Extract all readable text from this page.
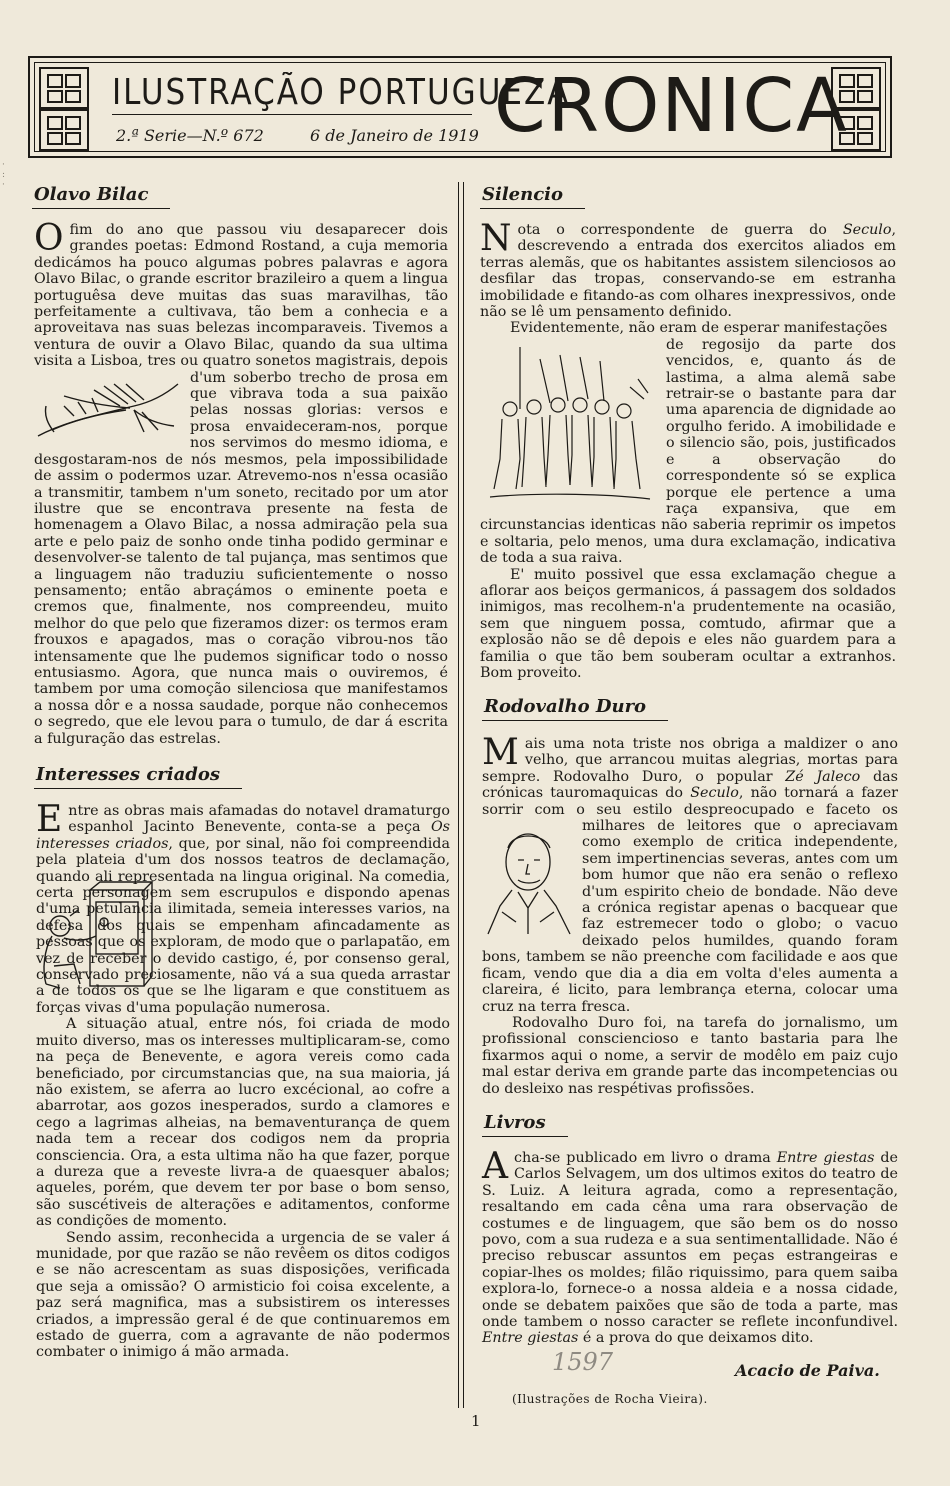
ILUSTRAÇÃO PORTUGUEZA
2.ª Serie—N.º 672	6 de Janeiro de 1919 CRONICA
·
:
· Olavo Bilac

O fim do ano que passou viu desaparecer dois grandes poetas: Edmond Rostand, a cuja memoria dedicámos ha pouco algumas pobres palavras e agora Olavo Bilac, o grande escritor brazileiro a quem a lingua portuguêsa deve muitas das suas maravilhas, tão perfeitamente a cultivava, tão bem a conhecia e a aproveitava nas suas belezas incomparaveis. Tivemos a ventura de ouvir a Olavo Bilac, quando da sua ultima visita a Lisboa, tres ou quatro sonetos magistrais, depois
d'um soberbo trecho de prosa em que vibrava toda a sua paixão pelas nossas glorias: versos e prosa envaideceram-nos, porque nos servimos do mesmo idioma, e desgostaram-nos de nós mesmos, pela impossibilidade de assim o podermos uzar. Atrevemo-nos n'essa ocasião a transmitir, tambem n'um soneto, recitado por um ator ilustre que se encontrava presente na festa de homenagem a Olavo Bilac, a nossa admiração pela sua arte e pelo paiz de sonho onde tinha podido germinar e desenvolver-se talento de tal pujança, mas sentimos que a linguagem não traduziu suficientemente o nosso pensamento; então abraçámos o eminente poeta e cremos que, finalmente, nos compreendeu, muito melhor do que pelo que fizeramos dizer: os termos eram frouxos e apagados, mas o coração vibrou-nos tão intensamente que lhe pudemos significar todo o nosso entusiasmo. Agora, que nunca mais o ouviremos, é tambem por uma comoção silenciosa que manifestamos a nossa dôr e a nossa saudade, porque não conhecemos o segredo, que ele levou para o tumulo, de dar á escrita a fulguração das estrelas.

Interesses criados

E ntre as obras mais afamadas do notavel dramaturgo espanhol Jacinto Benevente, conta-se a peça Os interesses criados, que, por sinal, não foi compreendida pela plateia d'um dos nossos teatros de declamação, quando ali representada na lingua original. Na comedia, certa personagem sem escrupulos e dispondo apenas d'uma petulancia ilimitada, semeia interesses varios, na defesa dos quais se empenham afincadamente as pessoas que os exploram, de modo que o parlapatão, em vez de receber o devido castigo, é, por consenso geral, conservado preciosamente, não vá a sua queda arrastar a de todos os que se lhe ligaram e que constituem as forças vivas d'uma população numerosa.

A situação atual, entre nós, foi criada de modo muito diverso, mas os interesses multiplicaram-se, como na peça de Benevente, e agora vereis como cada beneficiado, por circumstancias que, na sua maioria, já não existem, se aferra ao lucro excécional, ao cofre a abarrotar, aos gozos inesperados, surdo a clamores e cego a lagrimas alheias, na bemaventurança de quem nada tem a recear dos codigos nem da propria consciencia. Ora, a esta ultima não ha que fazer, porque a dureza que a reveste livra-a de quaesquer abalos; aqueles, porém, que devem ter por base o bom senso, são suscétiveis de alterações e aditamentos, conforme as condições de momento.

Sendo assim, reconhecida a urgencia de se valer á munidade, por que razão se não revêem os ditos codigos e se não acrescentam as suas disposições, verificada que seja a omissão? O armisticio foi coisa excelente, a paz será magnifica, mas a subsistirem os interesses criados, a impressão geral é de que continuaremos em estado de guerra, com a agravante de não podermos combater o inimigo á mão armada.

Silencio

N ota o correspondente de guerra do Seculo, descrevendo a entrada dos exercitos aliados em terras alemãs, que os habitantes assistem silenciosos ao desfilar das tropas, conservando-se em estranha imobilidade e fitando-as com olhares inexpressivos, onde não se lê um pensamento definido.

Evidentemente, não eram de esperar manifestações

de regosijo da parte dos vencidos, e, quanto ás de lastima, a alma alemã sabe retrair-se o bastante para dar uma aparencia de dignidade ao orgulho ferido. A imobilidade e o silencio são, pois, justificados e a observação do correspondente só se explica porque ele pertence a uma raça expansiva, que em circunstancias identicas não saberia reprimir os impetos e soltaria, pelo menos, uma dura exclamação, indicativa de toda a sua raiva.

E' muito possivel que essa exclamação chegue a aflorar aos beiços germanicos, á passagem dos soldados inimigos, mas recolhem-n'a prudentemente na ocasião, sem que ninguem possa, comtudo, afirmar que a explosão não se dê depois e eles não guardem para a familia o que tão bem souberam ocultar a extranhos. Bom proveito.

Rodovalho Duro

M ais uma nota triste nos obriga a maldizer o ano velho, que arrancou muitas alegrias, mortas para sempre. Rodovalho Duro, o popular Zé Jaleco das crónicas tauromaquicas do Seculo, não tornará a fazer sorrir com o seu estilo despreocupado e faceto os milhares de leitores que o apreciavam como exemplo de critica independente, sem impertinencias severas, antes com um bom humor que não era senão o reflexo d'um espirito cheio de bondade. Não deve a crónica registar apenas o bacquear que faz estremecer todo o globo; o vacuo deixado pelos humildes, quando foram bons, tambem se não preenche com facilidade e aos que ficam, vendo que dia a dia em volta d'eles aumenta a clareira, é licito, para lembrança eterna, colocar uma cruz na terra fresca.

Rodovalho Duro foi, na tarefa do jornalismo, um profissional consciencioso e tanto bastaria para lhe fixarmos aqui o nome, a servir de modêlo em paiz cujo mal estar deriva em grande parte das incompetencias ou do desleixo nas respétivas profissões.

Livros

A cha-se publicado em livro o drama Entre giestas de Carlos Selvagem, um dos ultimos exitos do teatro de S. Luiz. A leitura agrada, como a representação, resaltando em cada cêna uma rara observação de costumes e de linguagem, que são bem os do nosso povo, com a sua rudeza e a sua sentimentallidade. Não é preciso rebuscar assuntos em peças estrangeiras e copiar-lhes os moldes; filão riquissimo, para quem saiba explora-lo, fornece-o a nossa aldeia e a nossa cidade, onde se debatem paixões que são de toda a parte, mas onde tambem o nosso caracter se reflete inconfundivel. Entre giestas é a prova do que deixamos dito.

1597	Acacio de Paiva.
(Ilustrações de Rocha Vieira).
1
